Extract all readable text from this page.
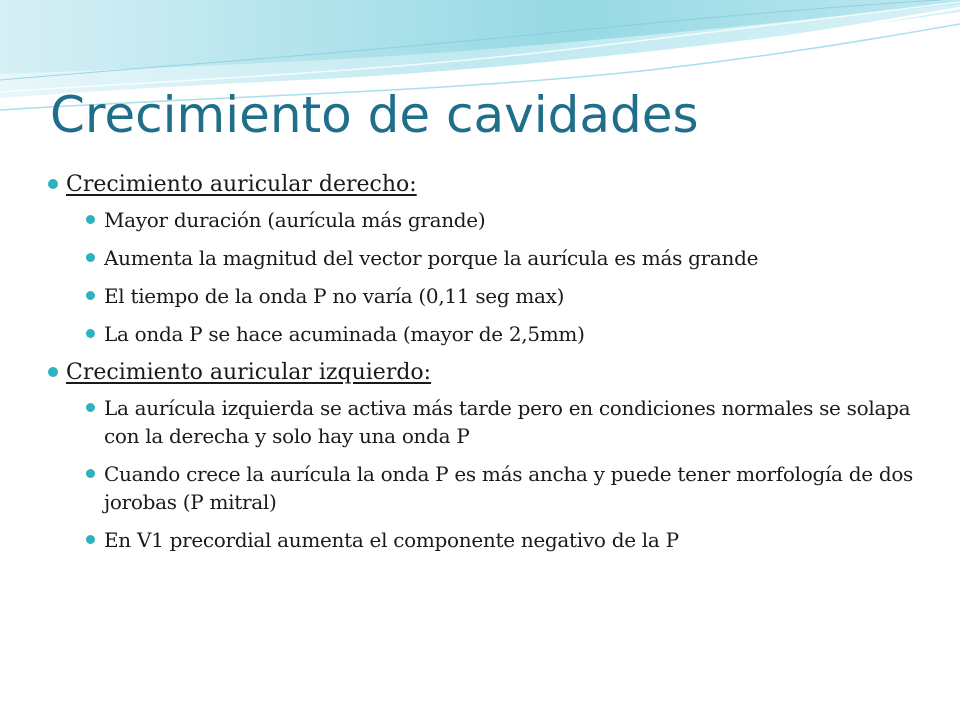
Crecimiento de cavidades
Crecimiento auricular derecho:
Mayor duración (aurícula más grande)
Aumenta la magnitud del vector porque la aurícula es más grande
El tiempo de la onda P no varía (0,11 seg max)
La onda P se hace acuminada (mayor de 2,5mm)
Crecimiento auricular izquierdo:
La aurícula izquierda se activa más tarde pero en condiciones normales se solapa con la derecha y solo hay una onda P
Cuando crece la aurícula la onda P es más ancha y puede tener morfología de dos jorobas (P mitral)
En V1 precordial aumenta el componente negativo de la P
